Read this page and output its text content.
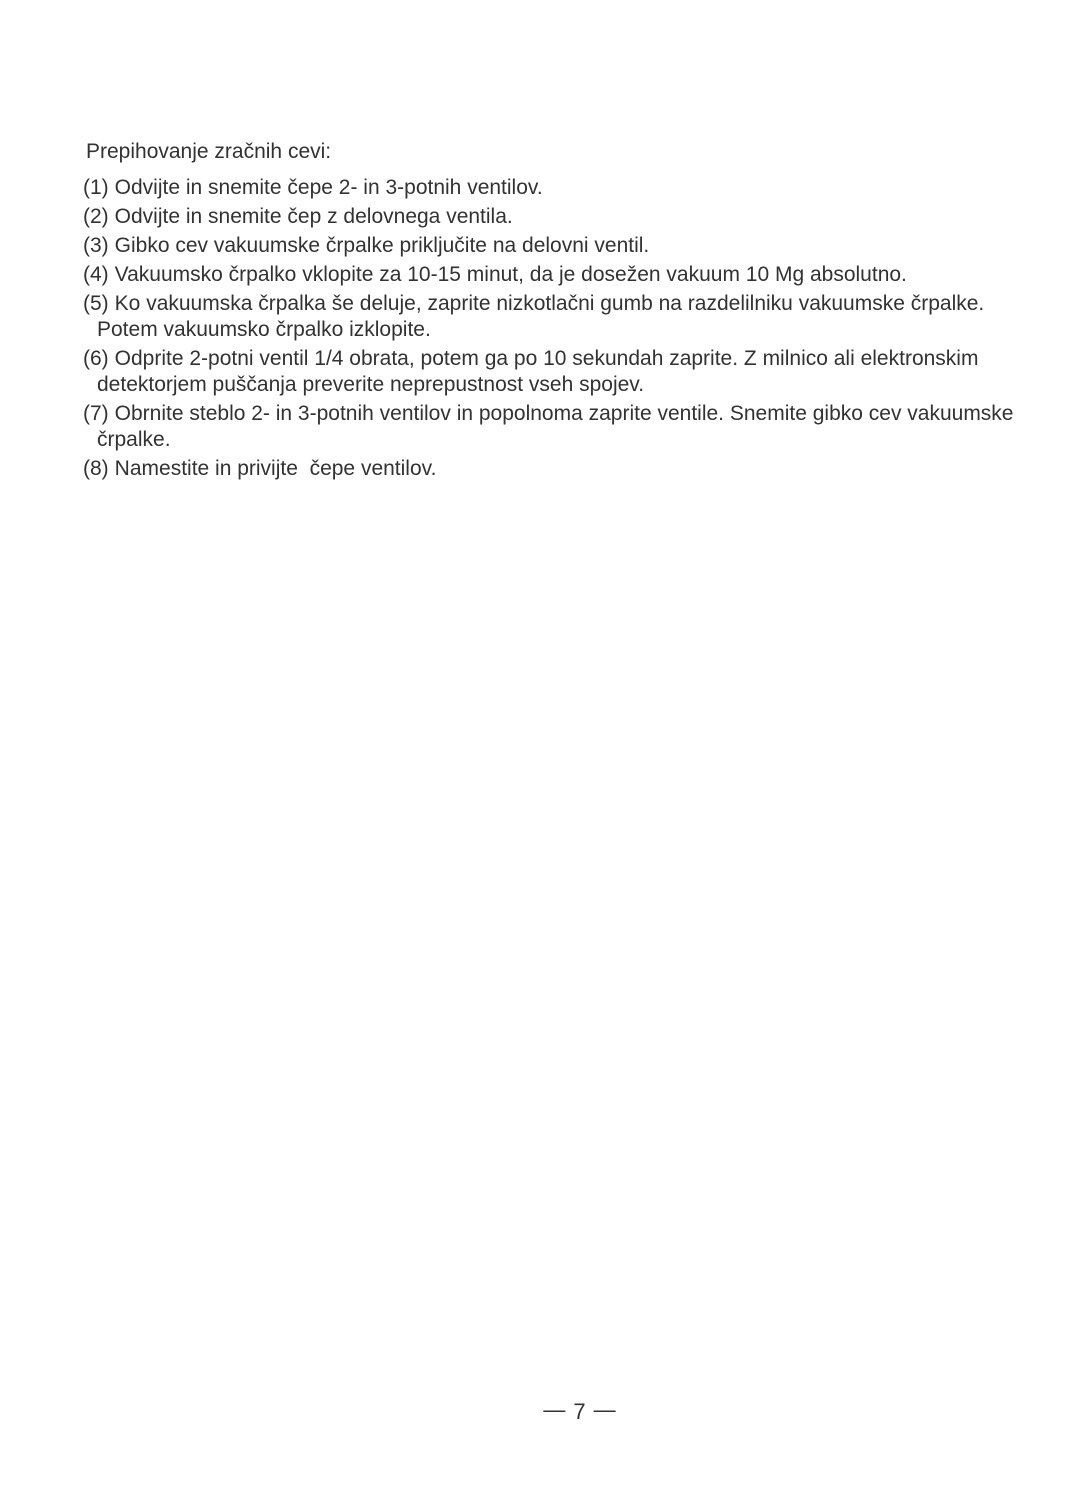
Prepihovanje zračnih cevi:
(1) Odvijte in snemite čepe 2- in 3-potnih ventilov.
(2) Odvijte in snemite čep z delovnega ventila.
(3) Gibko cev vakuumske črpalke priključite na delovni ventil.
(4) Vakuumsko črpalko vklopite za 10-15 minut, da je dosežen vakuum 10 Mg absolutno.
(5) Ko vakuumska črpalka še deluje, zaprite nizkotlačni gumb na razdelilniku vakuumske črpalke.
Potem vakuumsko črpalko izklopite.
(6) Odprite 2-potni ventil 1/4 obrata, potem ga po 10 sekundah zaprite. Z milnico ali elektronskim
detektorjem puščanja preverite neprepustnost vseh spojev.
(7) Obrnite steblo 2- in 3-potnih ventilov in popolnoma zaprite ventile. Snemite gibko cev vakuumske
črpalke.
(8) Namestite in privijte  čepe ventilov.
— 7 —
